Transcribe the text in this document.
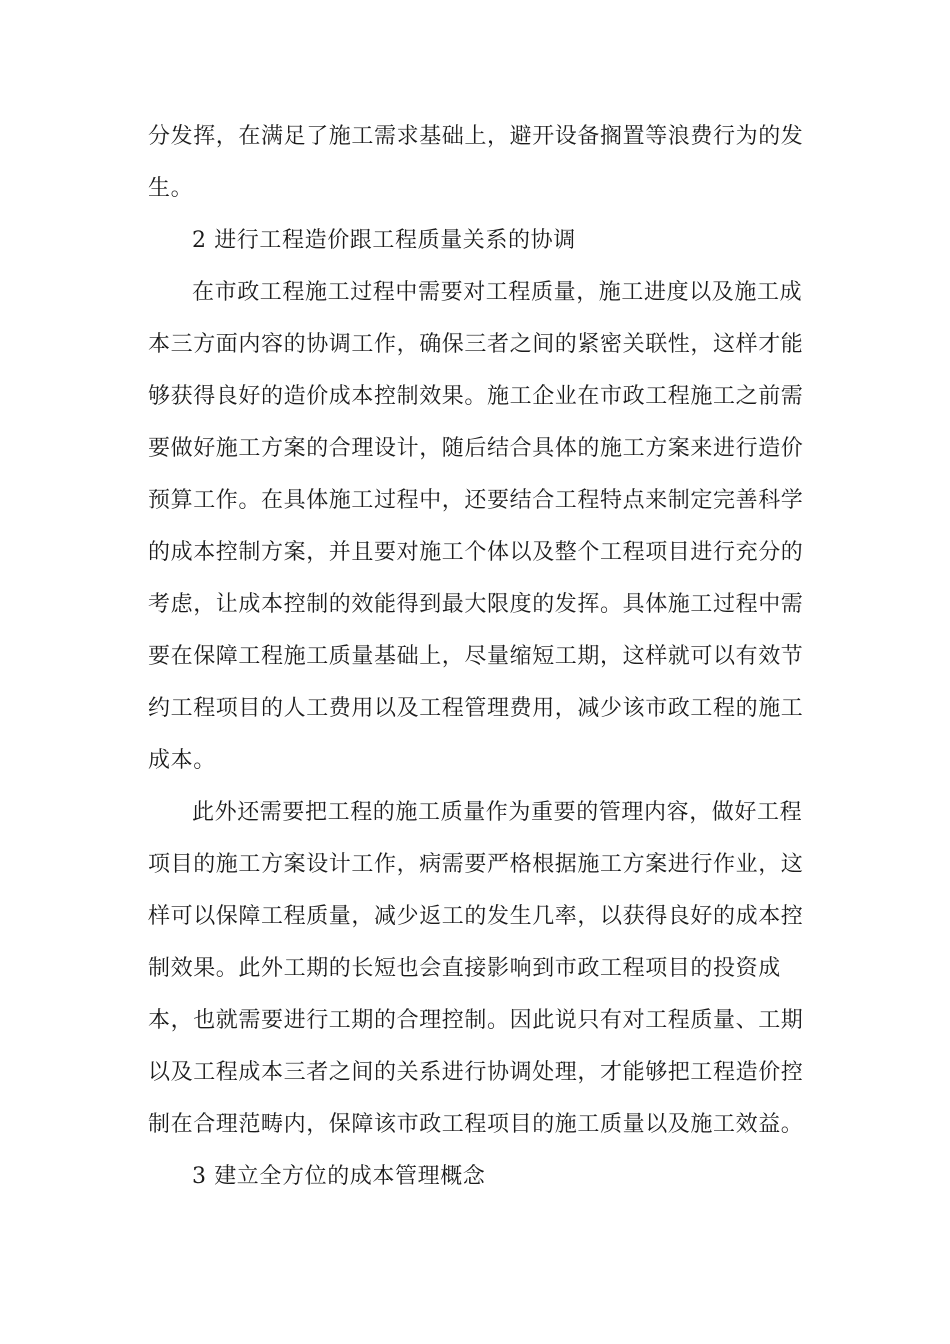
分发挥，在满足了施工需求基础上，避开设备搁置等浪费行为的发
生。
2 进行工程造价跟工程质量关系的协调
在市政工程施工过程中需要对工程质量，施工进度以及施工成
本三方面内容的协调工作，确保三者之间的紧密关联性，这样才能
够获得良好的造价成本控制效果。施工企业在市政工程施工之前需
要做好施工方案的合理设计，随后结合具体的施工方案来进行造价
预算工作。在具体施工过程中，还要结合工程特点来制定完善科学
的成本控制方案，并且要对施工个体以及整个工程项目进行充分的
考虑，让成本控制的效能得到最大限度的发挥。具体施工过程中需
要在保障工程施工质量基础上，尽量缩短工期，这样就可以有效节
约工程项目的人工费用以及工程管理费用，减少该市政工程的施工
成本。
此外还需要把工程的施工质量作为重要的管理内容，做好工程
项目的施工方案设计工作，病需要严格根据施工方案进行作业，这
样可以保障工程质量，减少返工的发生几率，以获得良好的成本控
制效果。此外工期的长短也会直接影响到市政工程项目的投资成
本，也就需要进行工期的合理控制。因此说只有对工程质量、工期
以及工程成本三者之间的关系进行协调处理，才能够把工程造价控
制在合理范畴内，保障该市政工程项目的施工质量以及施工效益。
3 建立全方位的成本管理概念
